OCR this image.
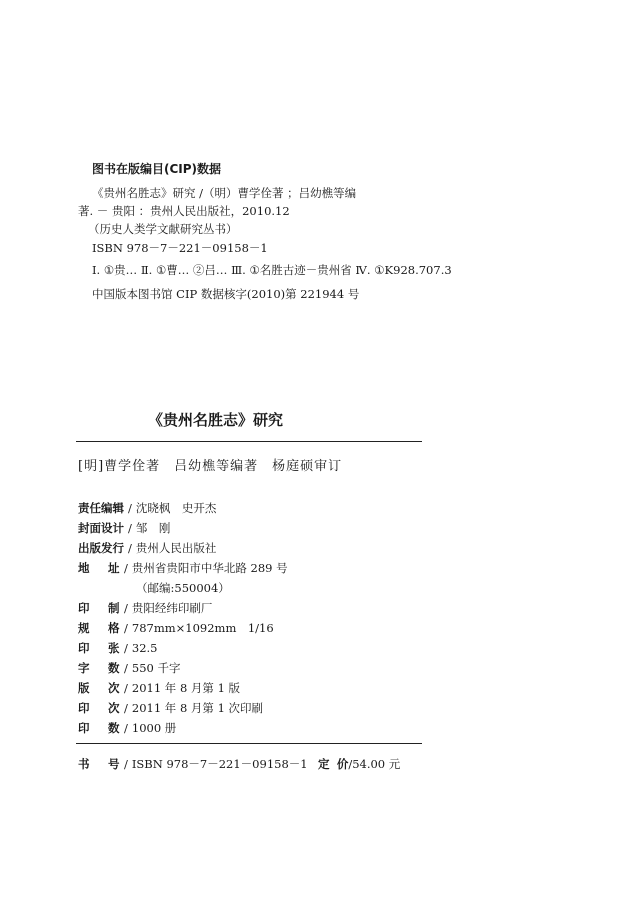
图书在版编目(CIP)数据
《贵州名胜志》研究 /（明）曹学佺著 ；吕幼樵等编
著. － 贵阳 ：贵州人民出版社，2010.12
（历史人类学文献研究丛书）
ISBN 978－7－221－09158－1
Ⅰ. ①贵… Ⅱ. ①曹… ②吕… Ⅲ. ①名胜古迹－贵州省 Ⅳ. ①K928.707.3
中国版本图书馆 CIP 数据核字(2010)第 221944 号
《贵州名胜志》研究
[明]曹学佺著　吕幼樵等编著　杨庭硕审订
责任编辑 / 沈晓枫　史开杰
封面设计 / 邹　刚
出版发行 / 贵州人民出版社
地 址 / 贵州省贵阳市中华北路 289 号
（邮编:550004）
印 制 / 贵阳经纬印刷厂
规 格 / 787mm×1092mm　1/16
印 张 / 32.5
字 数 / 550 千字
版 次 / 2011 年 8 月第 1 版
印 次 / 2011 年 8 月第 1 次印刷
印 数 / 1000 册
书 号 / ISBN 978－7－221－09158－1 定 价/54.00 元
